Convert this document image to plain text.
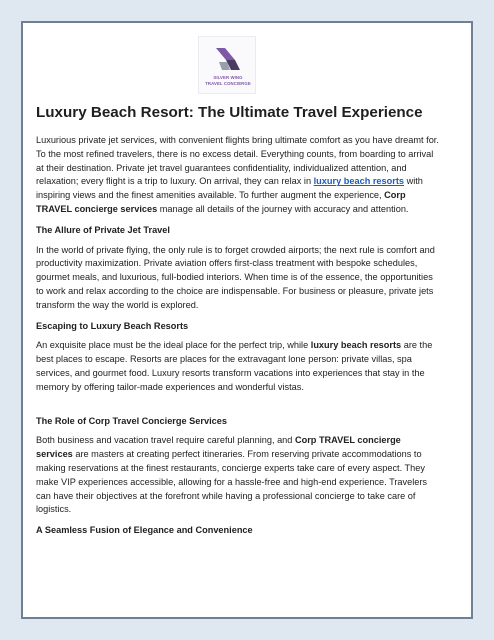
SILVER WING
TRAVEL CONCIERGE
Luxury Beach Resort: The Ultimate Travel Experience

Luxurious private jet services, with convenient flights bring ultimate comfort as you have dreamt for. To the most refined travelers, there is no excess detail. Everything counts, from boarding to arrival at their destination. Private jet travel guarantees confidentiality, individualized attention, and relaxation; every flight is a trip to luxury. On arrival, they can relax in luxury beach resorts with inspiring views and the finest amenities available. To further augment the experience, Corp TRAVEL concierge services manage all details of the journey with accuracy and attention.

The Allure of Private Jet Travel

In the world of private flying, the only rule is to forget crowded airports; the next rule is comfort and productivity maximization. Private aviation offers first-class treatment with bespoke schedules, gourmet meals, and luxurious, full-bodied interiors. When time is of the essence, the opportunities to work and relax according to the choice are indispensable. For business or pleasure, private jets transform the way the world is explored.

Escaping to Luxury Beach Resorts

An exquisite place must be the ideal place for the perfect trip, while luxury beach resorts are the best places to escape. Resorts are places for the extravagant lone person: private villas, spa services, and gourmet food. Luxury resorts transform vacations into experiences that stay in the memory by offering tailor-made experiences and wonderful vistas.

The Role of Corp Travel Concierge Services

Both business and vacation travel require careful planning, and Corp TRAVEL concierge services are masters at creating perfect itineraries. From reserving private accommodations to making reservations at the finest restaurants, concierge experts take care of every aspect. They make VIP experiences accessible, allowing for a hassle-free and high-end experience. Travelers can have their objectives at the forefront while having a professional concierge to take care of logistics.

A Seamless Fusion of Elegance and Convenience
